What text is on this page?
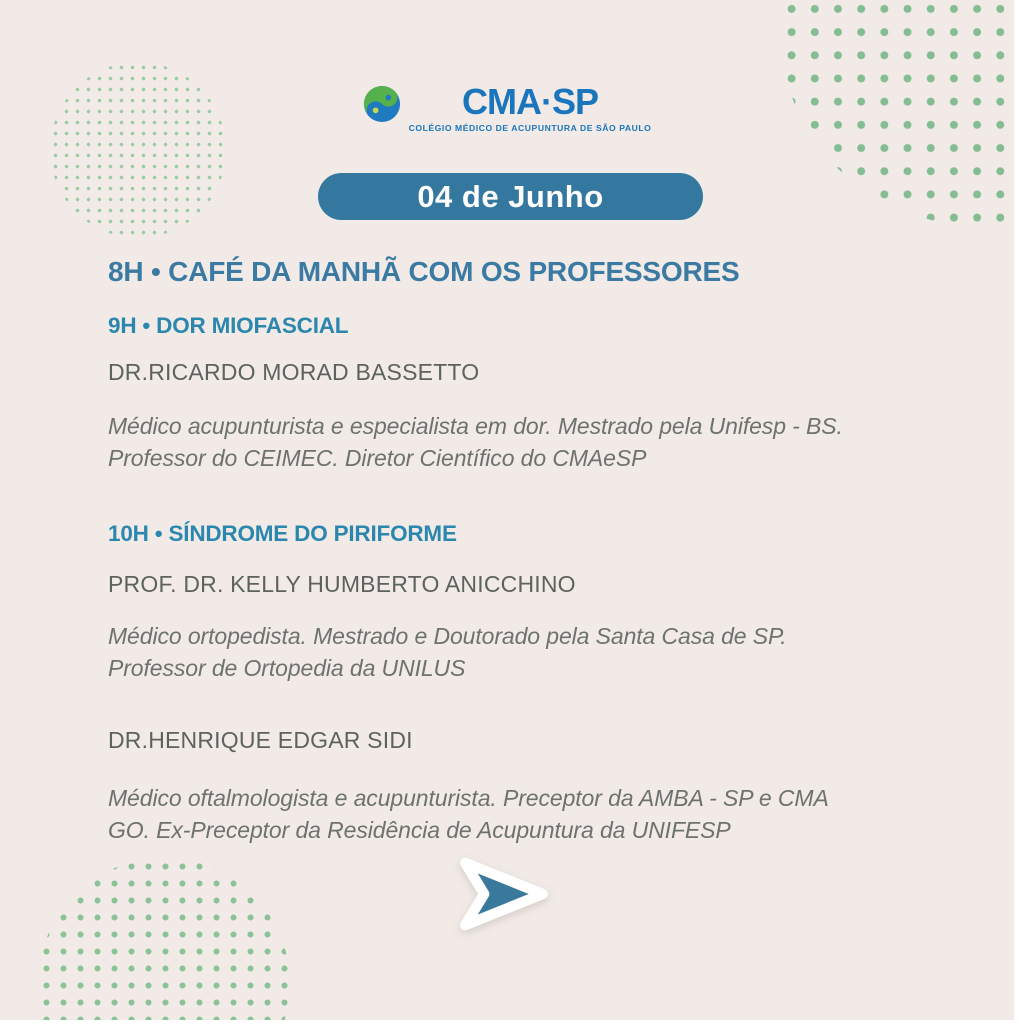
CMA·SP
COLÉGIO MÉDICO DE ACUPUNTURA DE SÃO PAULO
04 de Junho
8H • CAFÉ DA MANHÃ COM OS PROFESSORES
9H • DOR MIOFASCIAL
DR.RICARDO MORAD BASSETTO
Médico acupunturista e especialista em dor. Mestrado pela Unifesp - BS. Professor do CEIMEC. Diretor Científico do CMAeSP
10H • SÍNDROME DO PIRIFORME
PROF. DR. KELLY HUMBERTO ANICCHINO
Médico ortopedista. Mestrado e Doutorado pela Santa Casa de SP. Professor de Ortopedia da UNILUS
DR.HENRIQUE EDGAR SIDI
Médico oftalmologista e acupunturista. Preceptor da AMBA - SP e CMA GO. Ex-Preceptor da Residência de Acupuntura da UNIFESP
